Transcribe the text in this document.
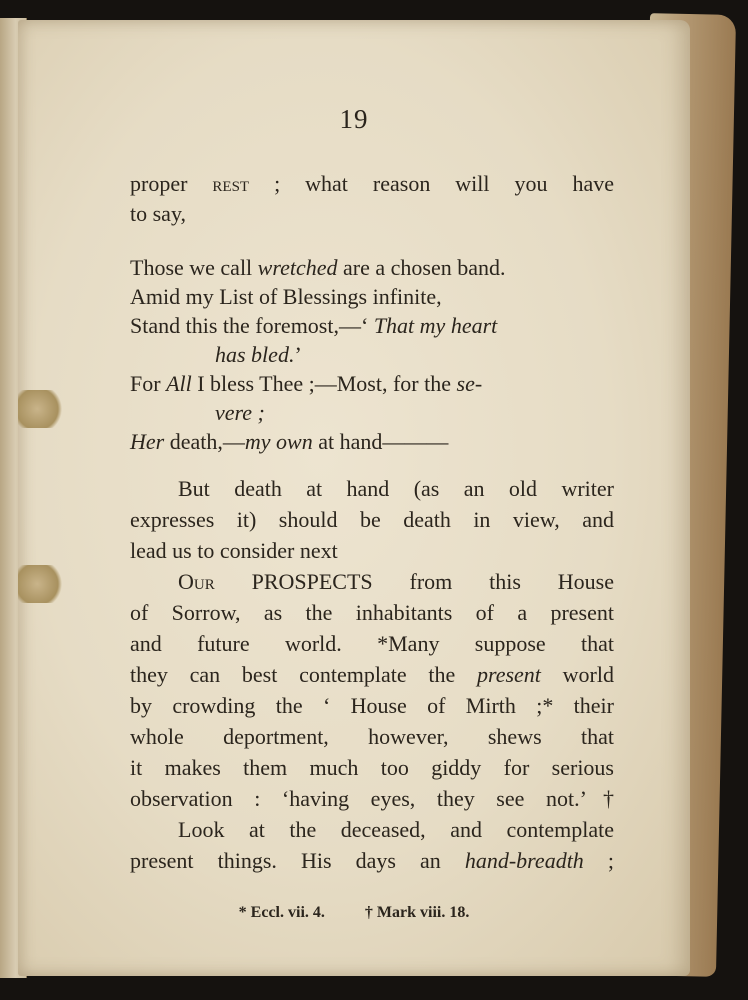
19
proper rest ; what reason will you have
to say,
Those we call wretched are a chosen band.
Amid my List of Blessings infinite,
Stand this the foremost,—‘ That my heart
has bled.’
For All I bless Thee ;—Most, for the se-
vere ;
Her death,—my own at hand———
But death at hand (as an old writer
expresses it) should be death in view, and
lead us to consider next
Our PROSPECTS from this House
of Sorrow, as the inhabitants of a present
and future world. *Many suppose that
they can best contemplate the present world
by crowding the ‘ House of Mirth ;* their
whole deportment, however, shews that
it makes them much too giddy for serious
observation : ‘having eyes, they see not.’†
Look at the deceased, and contemplate
present things. His days an hand-breadth ;
* Eccl. vii. 4.	† Mark viii. 18.
